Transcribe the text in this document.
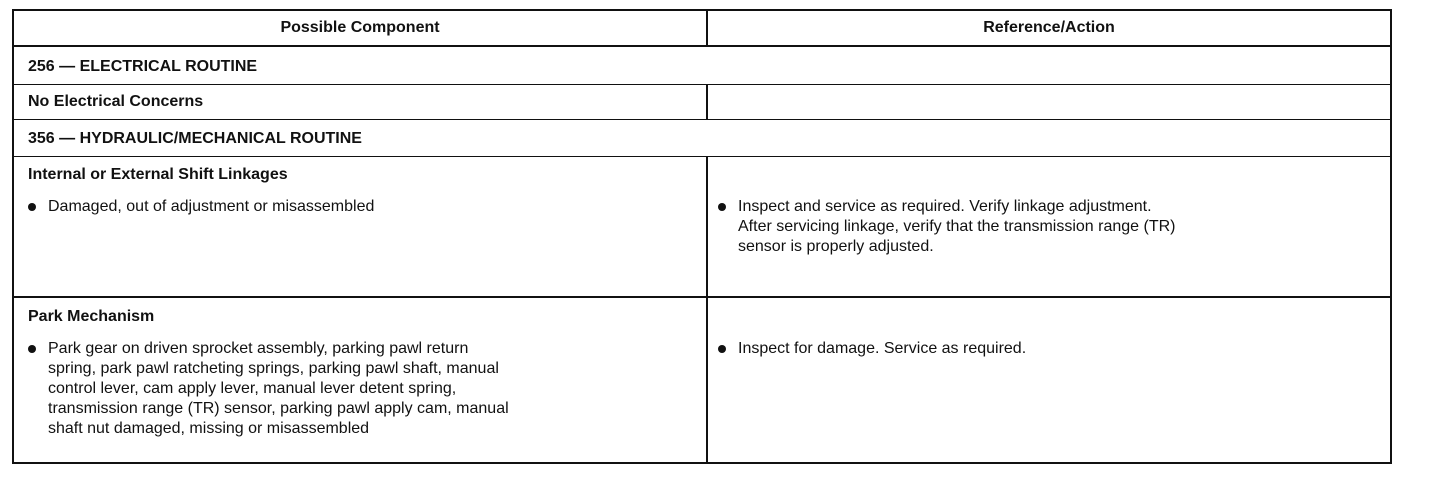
Possible Component	Reference/Action
256 — ELECTRICAL ROUTINE
No Electrical Concerns
356 — HYDRAULIC/MECHANICAL ROUTINE
Internal or External Shift Linkages
Damaged, out of adjustment or misassembled	Inspect and service as required. Verify linkage adjustment.
After servicing linkage, verify that the transmission range (TR)
sensor is properly adjusted.
Park Mechanism
Park gear on driven sprocket assembly, parking pawl return
spring, park pawl ratcheting springs, parking pawl shaft, manual
control lever, cam apply lever, manual lever detent spring,
transmission range (TR) sensor, parking pawl apply cam, manual
shaft nut damaged, missing or misassembled
Inspect for damage. Service as required.
